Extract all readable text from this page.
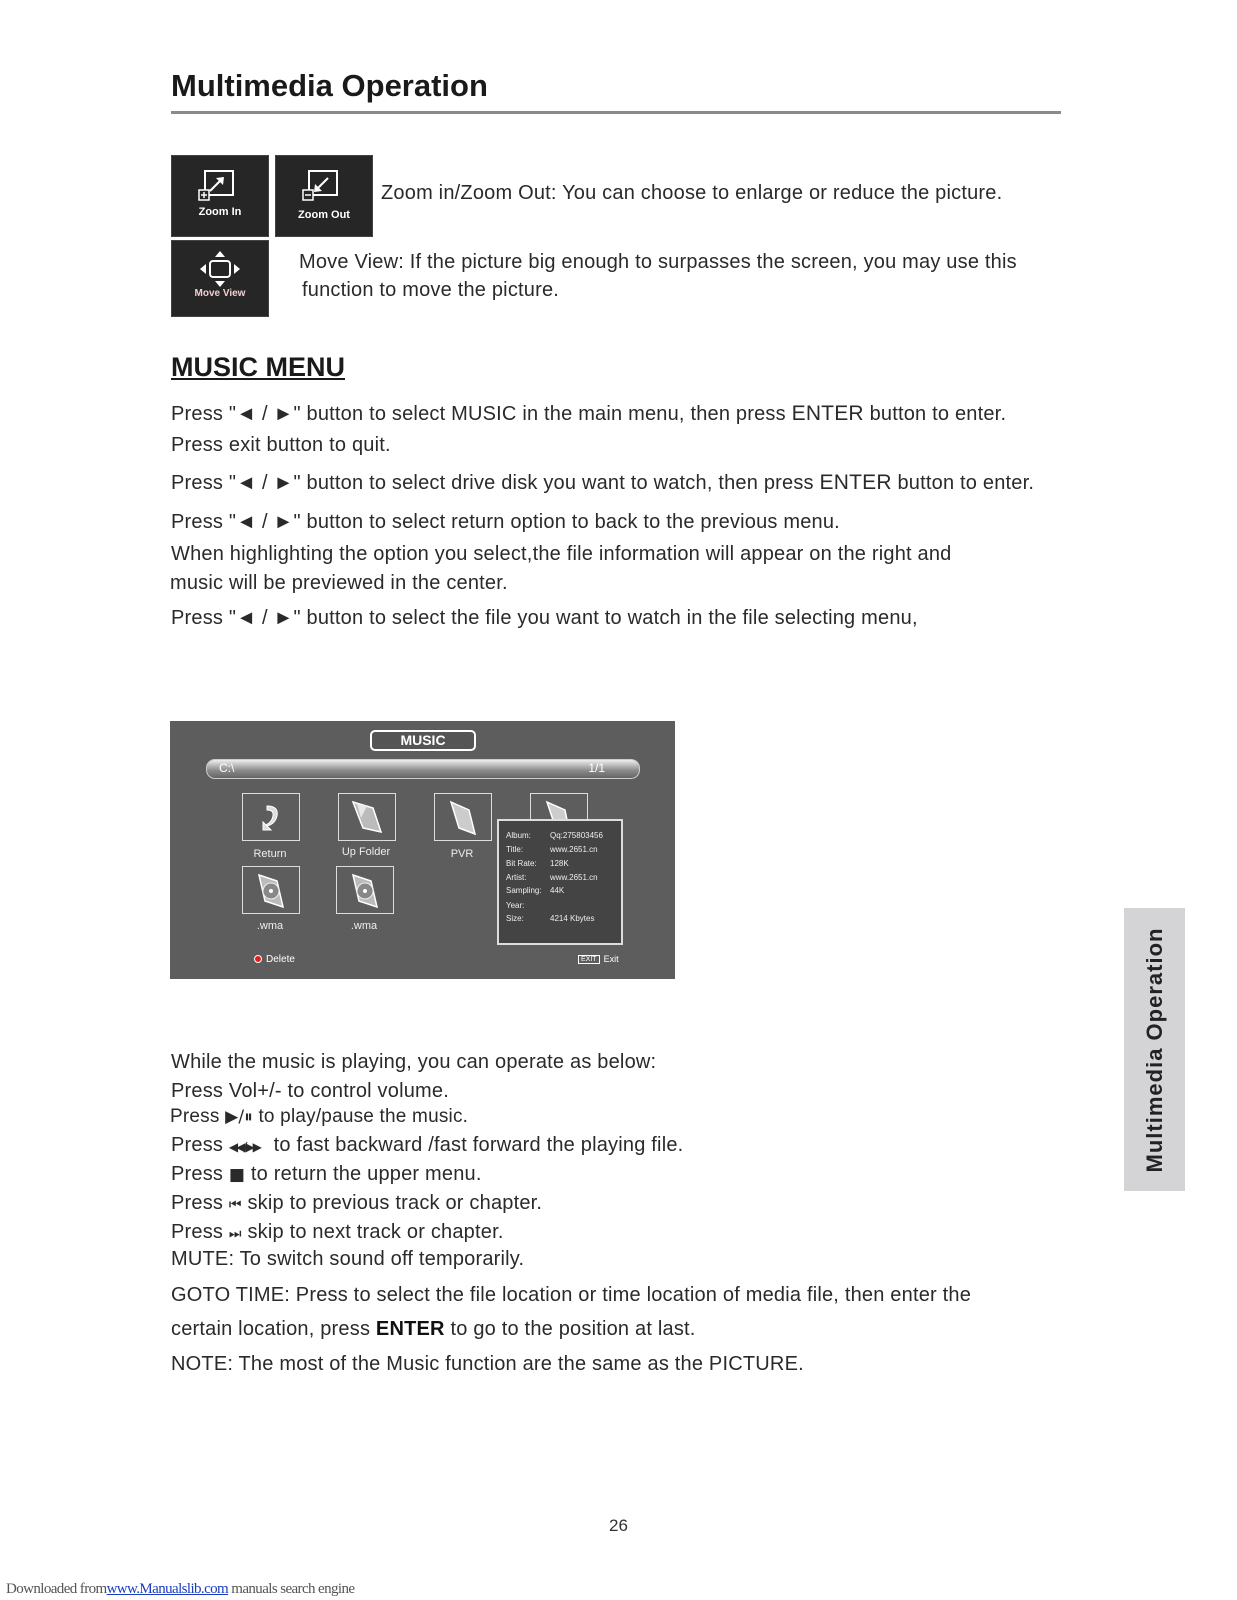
Multimedia Operation
Zoom In	Zoom Out
Zoom in/Zoom Out: You can choose to enlarge or reduce the picture.
Move View
Move View: If the picture big enough to surpasses the screen, you may use this
function to move the picture.
MUSIC MENU
Press "◄ / ►" button to select MUSIC in the main menu, then press ENTER button to enter.
Press exit button to quit.
Press "◄ / ►" button to select drive disk you want to watch, then press ENTER button to enter.
Press "◄ / ►" button to select return option to back to the previous menu.
When highlighting the option you select,the file information will appear on the right and
music will be previewed in the center.
Press "◄ / ►" button to select the file you want to watch in the file selecting menu,
MUSIC
C:\	1/1
Return	Up Folder	PVR
.wma	.wma
Album: Qq:275803456
Title:	www.2651.cn
Bit Rate: 128K
Artist:	www.2651.cn
Sampling: 44K
Year:
Size:	4214 Kbytes
Delete	EXIT Exit
While the music is playing, you can operate as below:
Press Vol+/- to control volume.
Press ▶/⏸ to play/pause the music.
Press ◀◀/▶▶ to fast backward /fast forward the playing file.
Press ■ to return the upper menu.
Press ⏮ skip to previous track or chapter.
Press ⏭ skip to next track or chapter.
MUTE: To switch sound off temporarily.
GOTO TIME: Press to select the file location or time location of media file, then enter the
certain location, press ENTER to go to the position at last.
NOTE: The most of the Music function are the same as the PICTURE.
Multimedia Operation
26
Downloaded fromwww.Manualslib.com manuals search engine
